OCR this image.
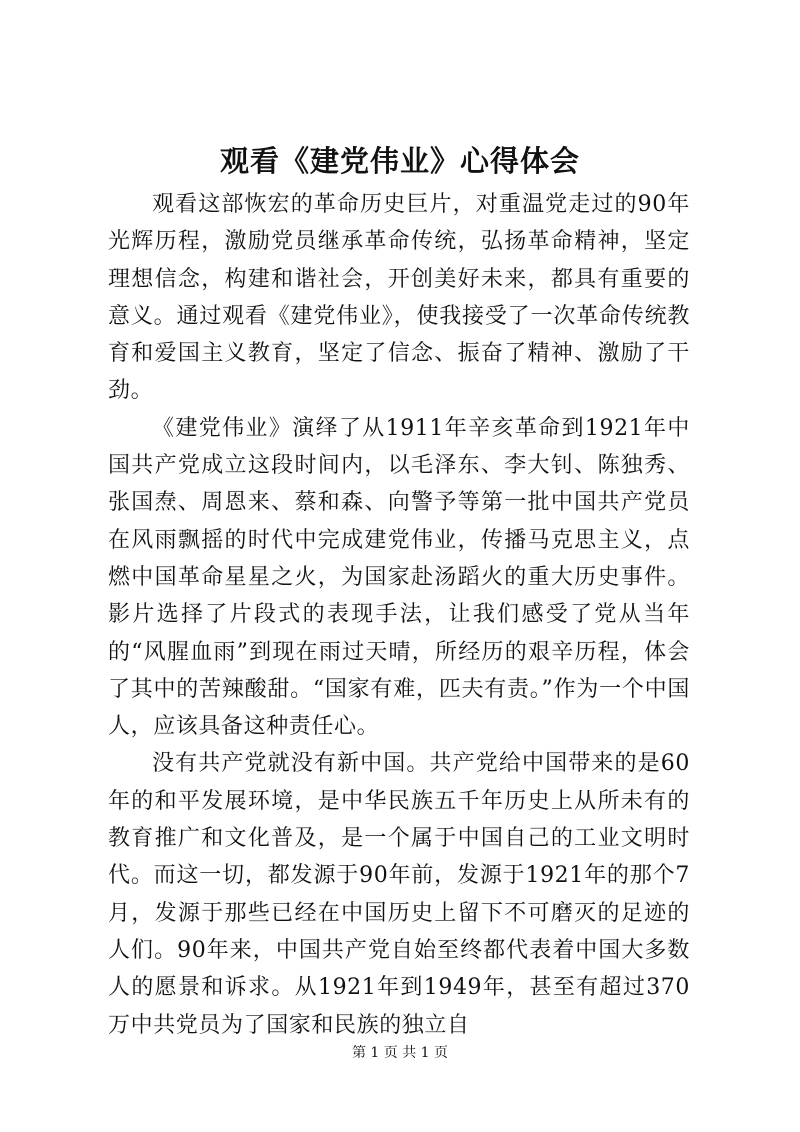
观看《建党伟业》心得体会

观看这部恢宏的革命历史巨片，对重温党走过的90年光辉历程，激励党员继承革命传统，弘扬革命精神，坚定理想信念，构建和谐社会，开创美好未来，都具有重要的意义。通过观看《建党伟业》，使我接受了一次革命传统教育和爱国主义教育，坚定了信念、振奋了精神、激励了干劲。

《建党伟业》演绎了从1911年辛亥革命到1921年中国共产党成立这段时间内，以毛泽东、李大钊、陈独秀、张国焘、周恩来、蔡和森、向警予等第一批中国共产党员在风雨飘摇的时代中完成建党伟业，传播马克思主义，点燃中国革命星星之火，为国家赴汤蹈火的重大历史事件。影片选择了片段式的表现手法，让我们感受了党从当年的“风腥血雨”到现在雨过天晴，所经历的艰辛历程，体会了其中的苦辣酸甜。“国家有难，匹夫有责。”作为一个中国人，应该具备这种责任心。

没有共产党就没有新中国。共产党给中国带来的是60年的和平发展环境，是中华民族五千年历史上从所未有的教育推广和文化普及，是一个属于中国自己的工业文明时代。而这一切，都发源于90年前，发源于1921年的那个7月，发源于那些已经在中国历史上留下不可磨灭的足迹的人们。90年来，中国共产党自始至终都代表着中国大多数人的愿景和诉求。从1921年到1949年，甚至有超过370万中共党员为了国家和民族的独立自

第 1 页 共 1 页
